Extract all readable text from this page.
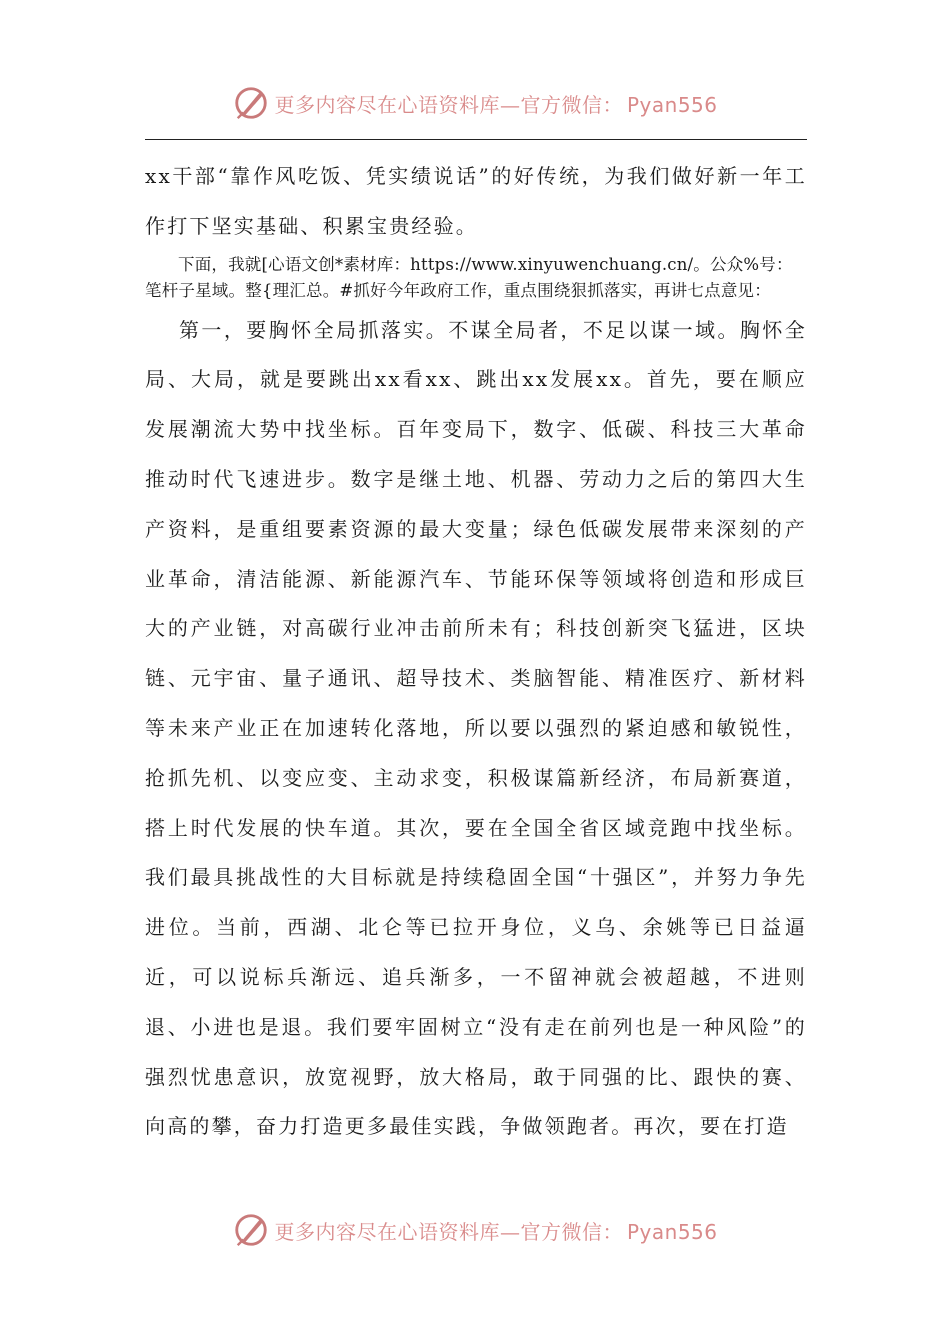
更多内容尽在心语资料库—官方微信： Pyan556

xx干部“靠作风吃饭、凭实绩说话”的好传统，为我们做好新一年工作打下坚实基础、积累宝贵经验。

下面，我就[心语文创*素材库：https://www.xinyuwenchuang.cn/。公众%号：笔杆子星域。整{理汇总。#抓好今年政府工作，重点围绕狠抓落实，再讲七点意见：

第一，要胸怀全局抓落实。不谋全局者，不足以谋一域。胸怀全局、大局，就是要跳出xx看xx、跳出xx发展xx。首先，要在顺应发展潮流大势中找坐标。百年变局下，数字、低碳、科技三大革命推动时代飞速进步。数字是继土地、机器、劳动力之后的第四大生产资料，是重组要素资源的最大变量；绿色低碳发展带来深刻的产业革命，清洁能源、新能源汽车、节能环保等领域将创造和形成巨大的产业链，对高碳行业冲击前所未有；科技创新突飞猛进，区块链、元宇宙、量子通讯、超导技术、类脑智能、精准医疗、新材料等未来产业正在加速转化落地，所以要以强烈的紧迫感和敏锐性，抢抓先机、以变应变、主动求变，积极谋篇新经济，布局新赛道，搭上时代发展的快车道。其次，要在全国全省区域竞跑中找坐标。我们最具挑战性的大目标就是持续稳固全国“十强区”，并努力争先进位。当前，西湖、北仑等已拉开身位，义乌、余姚等已日益逼近，可以说标兵渐远、追兵渐多，一不留神就会被超越，不进则退、小进也是退。我们要牢固树立“没有走在前列也是一种风险”的强烈忧患意识，放宽视野，放大格局，敢于同强的比、跟快的赛、向高的攀，奋力打造更多最佳实践，争做领跑者。再次，要在打造

更多内容尽在心语资料库—官方微信： Pyan556
